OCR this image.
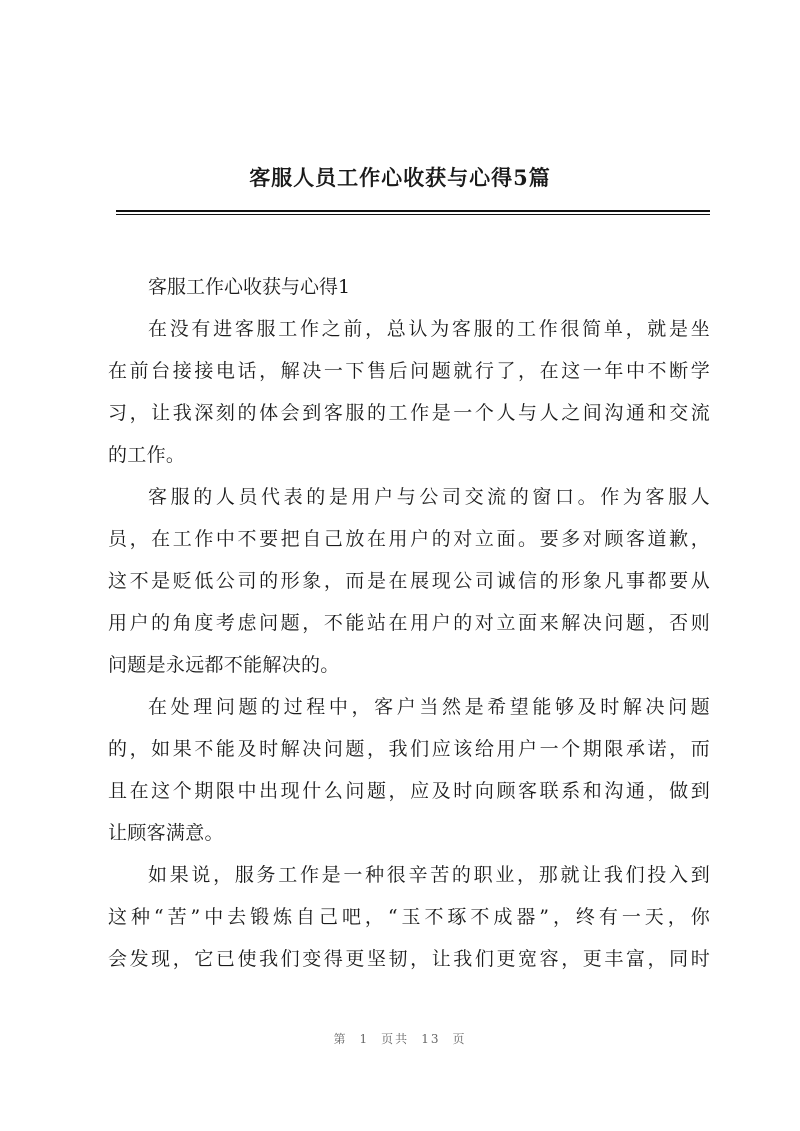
客服人员工作心收获与心得5篇
客服工作心收获与心得1

在没有进客服工作之前，总认为客服的工作很简单，就是坐
在前台接接电话，解决一下售后问题就行了，在这一年中不断学
习，让我深刻的体会到客服的工作是一个人与人之间沟通和交流
的工作。

客服的人员代表的是用户与公司交流的窗口。作为客服人
员，在工作中不要把自己放在用户的对立面。要多对顾客道歉，
这不是贬低公司的形象，而是在展现公司诚信的形象凡事都要从
用户的角度考虑问题，不能站在用户的对立面来解决问题，否则
问题是永远都不能解决的。

在处理问题的过程中，客户当然是希望能够及时解决问题
的，如果不能及时解决问题，我们应该给用户一个期限承诺，而
且在这个期限中出现什么问题，应及时向顾客联系和沟通，做到
让顾客满意。

如果说，服务工作是一种很辛苦的职业，那就让我们投入到
这种“苦”中去锻炼自己吧，“玉不琢不成器”，终有一天，你
会发现，它已使我们变得更坚韧，让我们更宽容，更丰富，同时

第 1 页共 13 页
